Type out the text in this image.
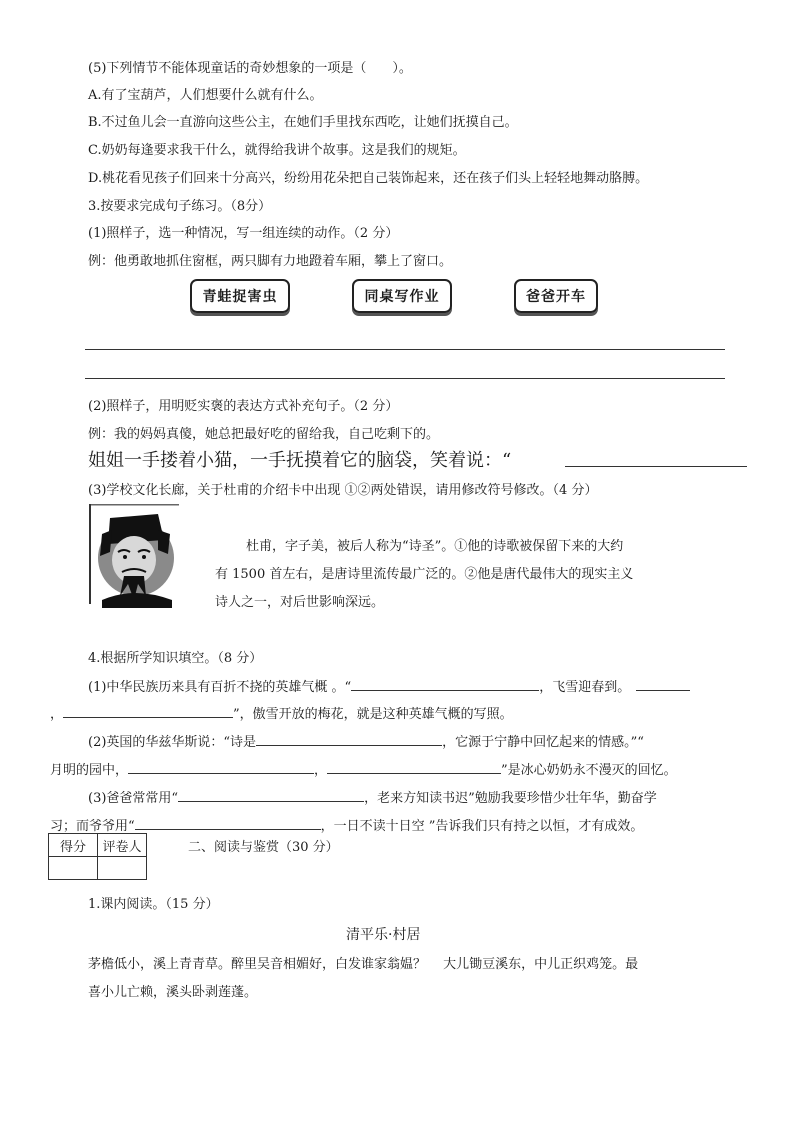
(5)下列情节不能体现童话的奇妙想象的一项是（　　）。
A.有了宝葫芦，人们想要什么就有什么。
B.不过鱼儿会一直游向这些公主，在她们手里找东西吃，让她们抚摸自己。
C.奶奶每逢要求我干什么，就得给我讲个故事。这是我们的规矩。
D.桃花看见孩子们回来十分高兴，纷纷用花朵把自己装饰起来，还在孩子们头上轻轻地舞动胳膊。
3.按要求完成句子练习。（8分）
(1)照样子，选一种情况，写一组连续的动作。（2 分）
例：他勇敢地抓住窗框，两只脚有力地蹬着车厢，攀上了窗口。
青蛙捉害虫	同桌写作业	爸爸开车
(2)照样子，用明贬实褒的表达方式补充句子。（2 分）
例：我的妈妈真傻，她总把最好吃的留给我，自己吃剩下的。
姐姐一手搂着小猫，一手抚摸着它的脑袋，笑着说：“
(3)学校文化长廊，关于杜甫的介绍卡中出现 ①②两处错误，请用修改符号修改。（4 分）
杜甫，字子美，被后人称为“诗圣”。①他的诗歌被保留下来的大约
有 1500 首左右，是唐诗里流传最广泛的。②他是唐代最伟大的现实主义
诗人之一，对后世影响深远。
4.根据所学知识填空。（8 分）
(1)中华民族历来具有百折不挠的英雄气概 。“	，飞雪迎春到。
，	”，傲雪开放的梅花，就是这种英雄气概的写照。
(2)英国的华兹华斯说：“诗是	，它源于宁静中回忆起来的情感。”“
月明的园中，	，	”是冰心奶奶永不漫灭的回忆。
(3)爸爸常常用“	，老来方知读书迟”勉励我要珍惜少壮年华，勤奋学
习；而爷爷用“	，一日不读十日空 ”告诉我们只有持之以恒，才有成效。
得分	评卷人
		二、阅读与鉴赏（30 分）
1.课内阅读。（15 分）
清平乐·村居
茅檐低小，溪上青青草。醉里吴音相媚好，白发谁家翁媪？　 大儿锄豆溪东，中儿正织鸡笼。最
喜小儿亡赖，溪头卧剥莲蓬。
